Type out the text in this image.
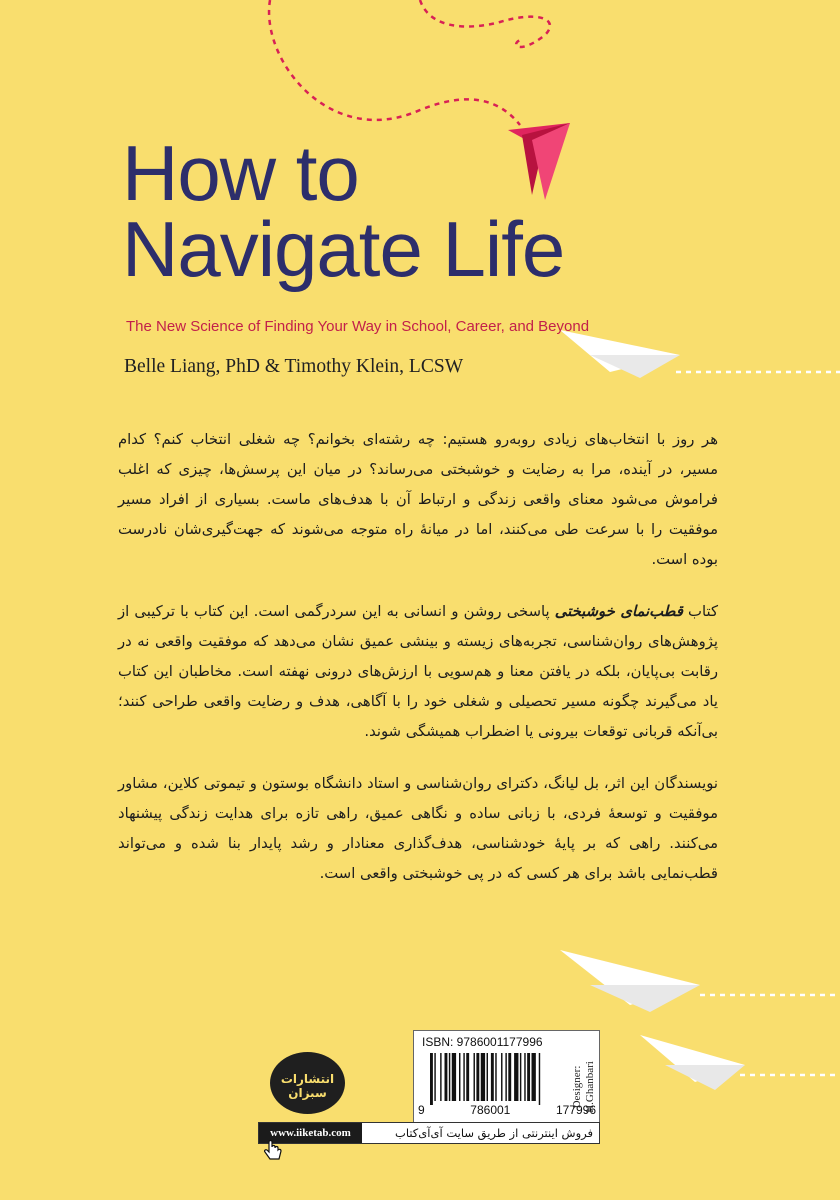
How to
Navigate Life
The New Science of Finding Your Way in School, Career, and Beyond
Belle Liang, PhD & Timothy Klein, LCSW

هر روز با انتخاب‌های زیادی روبه‌رو هستیم: چه رشته‌ای بخوانم؟ چه شغلی انتخاب کنم؟ کدام مسیر، در آینده، مرا به رضایت و خوشبختی می‌رساند؟ در میان این پرسش‌ها، چیزی که اغلب فراموش می‌شود معنای واقعی زندگی و ارتباط آن با هدف‌های ماست. بسیاری از افراد مسیر موفقیت را با سرعت طی می‌کنند، اما در میانهٔ راه متوجه می‌شوند که جهت‌گیری‌شان نادرست بوده است.

کتاب قطب‌نمای خوشبختی پاسخی روشن و انسانی به این سردرگمی است. این کتاب با ترکیبی از پژوهش‌های روان‌شناسی، تجربه‌های زیسته و بینشی عمیق نشان می‌دهد که موفقیت واقعی نه در رقابت بی‌پایان، بلکه در یافتن معنا و هم‌سویی با ارزش‌های درونی نهفته است. مخاطبان این کتاب یاد می‌گیرند چگونه مسیر تحصیلی و شغلی خود را با آگاهی، هدف و رضایت واقعی طراحی کنند؛ بی‌آنکه قربانی توقعات بیرونی یا اضطراب همیشگی شوند.

نویسندگان این اثر، بل لیانگ، دکترای روان‌شناسی و استاد دانشگاه بوستون و تیموتی کلاین، مشاور موفقیت و توسعهٔ فردی، با زبانی ساده و نگاهی عمیق، راهی تازه برای هدایت زندگی پیشنهاد می‌کنند. راهی که بر پایهٔ خودشناسی، هدف‌گذاری معنادار و رشد پایدار بنا شده و می‌تواند قطب‌نمایی باشد برای هر کسی که در پی خوشبختی واقعی است.

انتشارات سبزان
ISBN: 9786001177996
9	786001	177996
Designer: H.Ghanbari
www.iiketab.com	فروش اینترنتی از طریق سایت آی‌آی‌کتاب
